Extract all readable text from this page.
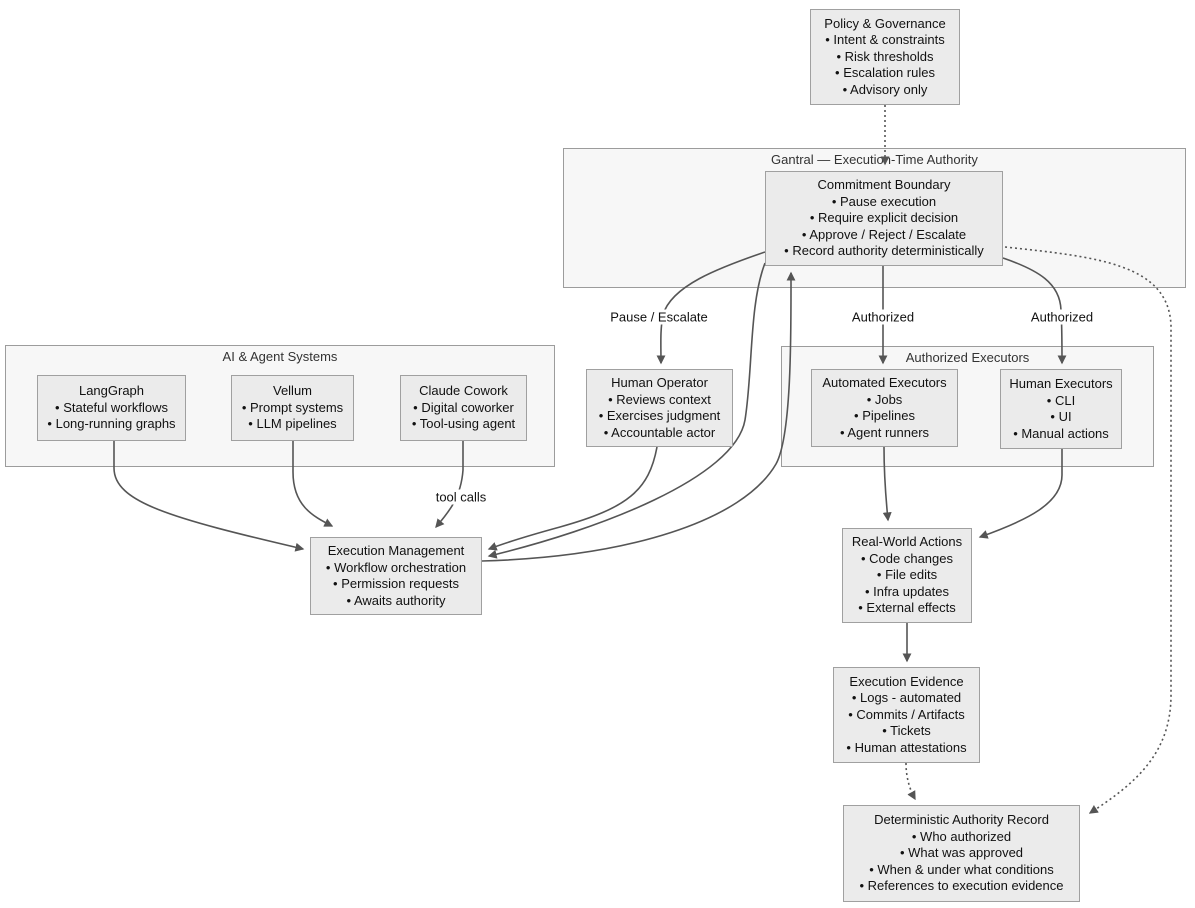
AI & Agent Systems
Gantral — Execution-Time Authority
Authorized Executors
Policy & Governance
• Intent & constraints
• Risk thresholds
• Escalation rules
• Advisory only
Commitment Boundary
• Pause execution
• Require explicit decision
• Approve / Reject / Escalate
• Record authority deterministically
LangGraph
• Stateful workflows
• Long-running graphs
Vellum
• Prompt systems
• LLM pipelines
Claude Cowork
• Digital coworker
• Tool-using agent
Human Operator
• Reviews context
• Exercises judgment
• Accountable actor
Automated Executors
• Jobs
• Pipelines
• Agent runners
Human Executors
• CLI
• UI
• Manual actions
Execution Management
• Workflow orchestration
• Permission requests
• Awaits authority
Real-World Actions
• Code changes
• File edits
• Infra updates
• External effects
Execution Evidence
• Logs - automated
• Commits / Artifacts
• Tickets
• Human attestations
Deterministic Authority Record
• Who authorized
• What was approved
• When & under what conditions
• References to execution evidence
Pause / Escalate	Authorized	Authorized
tool calls
